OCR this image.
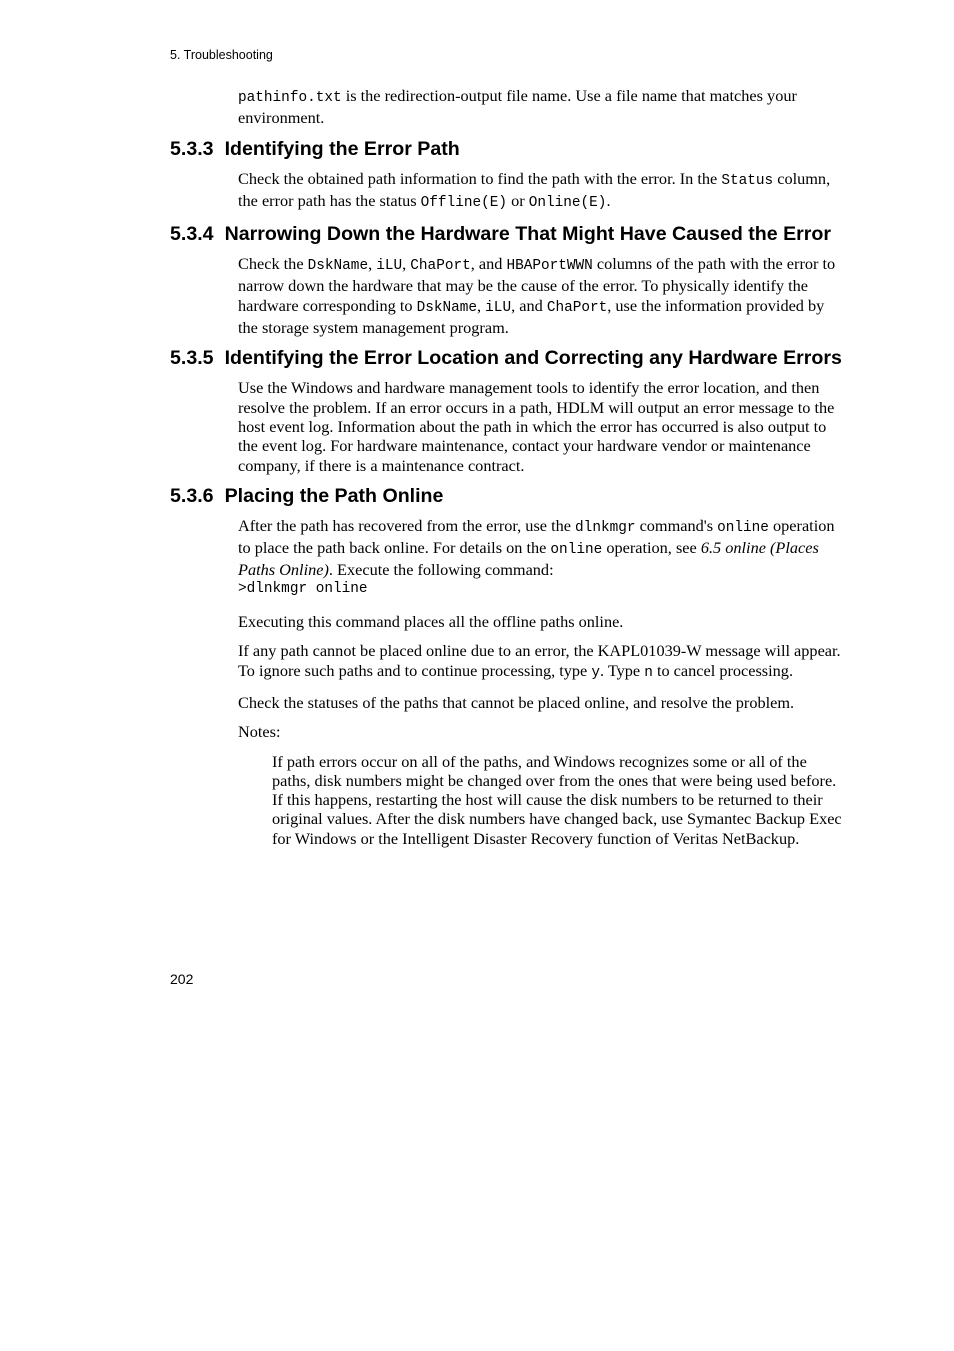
5. Troubleshooting

pathinfo.txt is the redirection-output file name. Use a file name that matches your environment.

5.3.3 Identifying the Error Path

Check the obtained path information to find the path with the error. In the Status column, the error path has the status Offline(E) or Online(E).

5.3.4 Narrowing Down the Hardware That Might Have Caused the Error

Check the DskName, iLU, ChaPort, and HBAPortWWN columns of the path with the error to narrow down the hardware that may be the cause of the error. To physically identify the hardware corresponding to DskName, iLU, and ChaPort, use the information provided by the storage system management program.

5.3.5 Identifying the Error Location and Correcting any Hardware Errors

Use the Windows and hardware management tools to identify the error location, and then resolve the problem. If an error occurs in a path, HDLM will output an error message to the host event log. Information about the path in which the error has occurred is also output to the event log. For hardware maintenance, contact your hardware vendor or maintenance company, if there is a maintenance contract.

5.3.6 Placing the Path Online

After the path has recovered from the error, use the dlnkmgr command's online operation to place the path back online. For details on the online operation, see 6.5 online (Places Paths Online). Execute the following command:

>dlnkmgr online

Executing this command places all the offline paths online.

If any path cannot be placed online due to an error, the KAPL01039-W message will appear. To ignore such paths and to continue processing, type y. Type n to cancel processing.

Check the statuses of the paths that cannot be placed online, and resolve the problem.

Notes:

If path errors occur on all of the paths, and Windows recognizes some or all of the paths, disk numbers might be changed over from the ones that were being used before. If this happens, restarting the host will cause the disk numbers to be returned to their original values. After the disk numbers have changed back, use Symantec Backup Exec for Windows or the Intelligent Disaster Recovery function of Veritas NetBackup.

202
